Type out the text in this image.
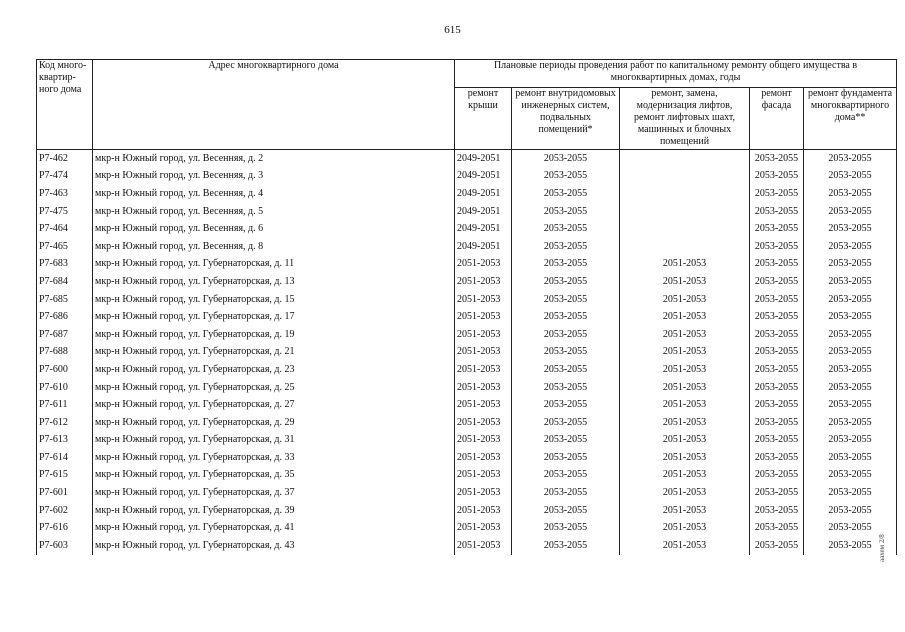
615
Код много-квартир-ного дома	Адрес многоквартирного дома	Плановые периоды проведения работ по капитальному ремонту общего имущества в многоквартирных домах, годы				
		ремонт крыши	ремонт внутридомовых инженерных систем, подвальных помещений*	ремонт, замена, модернизация лифтов, ремонт лифтовых шахт, машинных и блочных помещений	ремонт фасада	ремонт фундамента многоквартирного дома**
Р7-462	мкр-н Южный город, ул. Весенняя, д. 2	2049-2051	2053-2055		2053-2055	2053-2055
Р7-474	мкр-н Южный город, ул. Весенняя, д. 3	2049-2051	2053-2055		2053-2055	2053-2055
Р7-463	мкр-н Южный город, ул. Весенняя, д. 4	2049-2051	2053-2055		2053-2055	2053-2055
Р7-475	мкр-н Южный город, ул. Весенняя, д. 5	2049-2051	2053-2055		2053-2055	2053-2055
Р7-464	мкр-н Южный город, ул. Весенняя, д. 6	2049-2051	2053-2055		2053-2055	2053-2055
Р7-465	мкр-н Южный город, ул. Весенняя, д. 8	2049-2051	2053-2055		2053-2055	2053-2055
Р7-683	мкр-н Южный город, ул. Губернаторская, д. 11	2051-2053	2053-2055	2051-2053	2053-2055	2053-2055
Р7-684	мкр-н Южный город, ул. Губернаторская, д. 13	2051-2053	2053-2055	2051-2053	2053-2055	2053-2055
Р7-685	мкр-н Южный город, ул. Губернаторская, д. 15	2051-2053	2053-2055	2051-2053	2053-2055	2053-2055
Р7-686	мкр-н Южный город, ул. Губернаторская, д. 17	2051-2053	2053-2055	2051-2053	2053-2055	2053-2055
Р7-687	мкр-н Южный город, ул. Губернаторская, д. 19	2051-2053	2053-2055	2051-2053	2053-2055	2053-2055
Р7-688	мкр-н Южный город, ул. Губернаторская, д. 21	2051-2053	2053-2055	2051-2053	2053-2055	2053-2055
Р7-600	мкр-н Южный город, ул. Губернаторская, д. 23	2051-2053	2053-2055	2051-2053	2053-2055	2053-2055
Р7-610	мкр-н Южный город, ул. Губернаторская, д. 25	2051-2053	2053-2055	2051-2053	2053-2055	2053-2055
Р7-611	мкр-н Южный город, ул. Губернаторская, д. 27	2051-2053	2053-2055	2051-2053	2053-2055	2053-2055
Р7-612	мкр-н Южный город, ул. Губернаторская, д. 29	2051-2053	2053-2055	2051-2053	2053-2055	2053-2055
Р7-613	мкр-н Южный город, ул. Губернаторская, д. 31	2051-2053	2053-2055	2051-2053	2053-2055	2053-2055
Р7-614	мкр-н Южный город, ул. Губернаторская, д. 33	2051-2053	2053-2055	2051-2053	2053-2055	2053-2055
Р7-615	мкр-н Южный город, ул. Губернаторская, д. 35	2051-2053	2053-2055	2051-2053	2053-2055	2053-2055
Р7-601	мкр-н Южный город, ул. Губернаторская, д. 37	2051-2053	2053-2055	2051-2053	2053-2055	2053-2055
Р7-602	мкр-н Южный город, ул. Губернаторская, д. 39	2051-2053	2053-2055	2051-2053	2053-2055	2053-2055
Р7-616	мкр-н Южный город, ул. Губернаторская, д. 41	2051-2053	2053-2055	2051-2053	2053-2055	2053-2055
Р7-603	мкр-н Южный город, ул. Губернаторская, д. 43	2051-2053	2053-2055	2051-2053	2053-2055	2053-2055 аахем 2/8
